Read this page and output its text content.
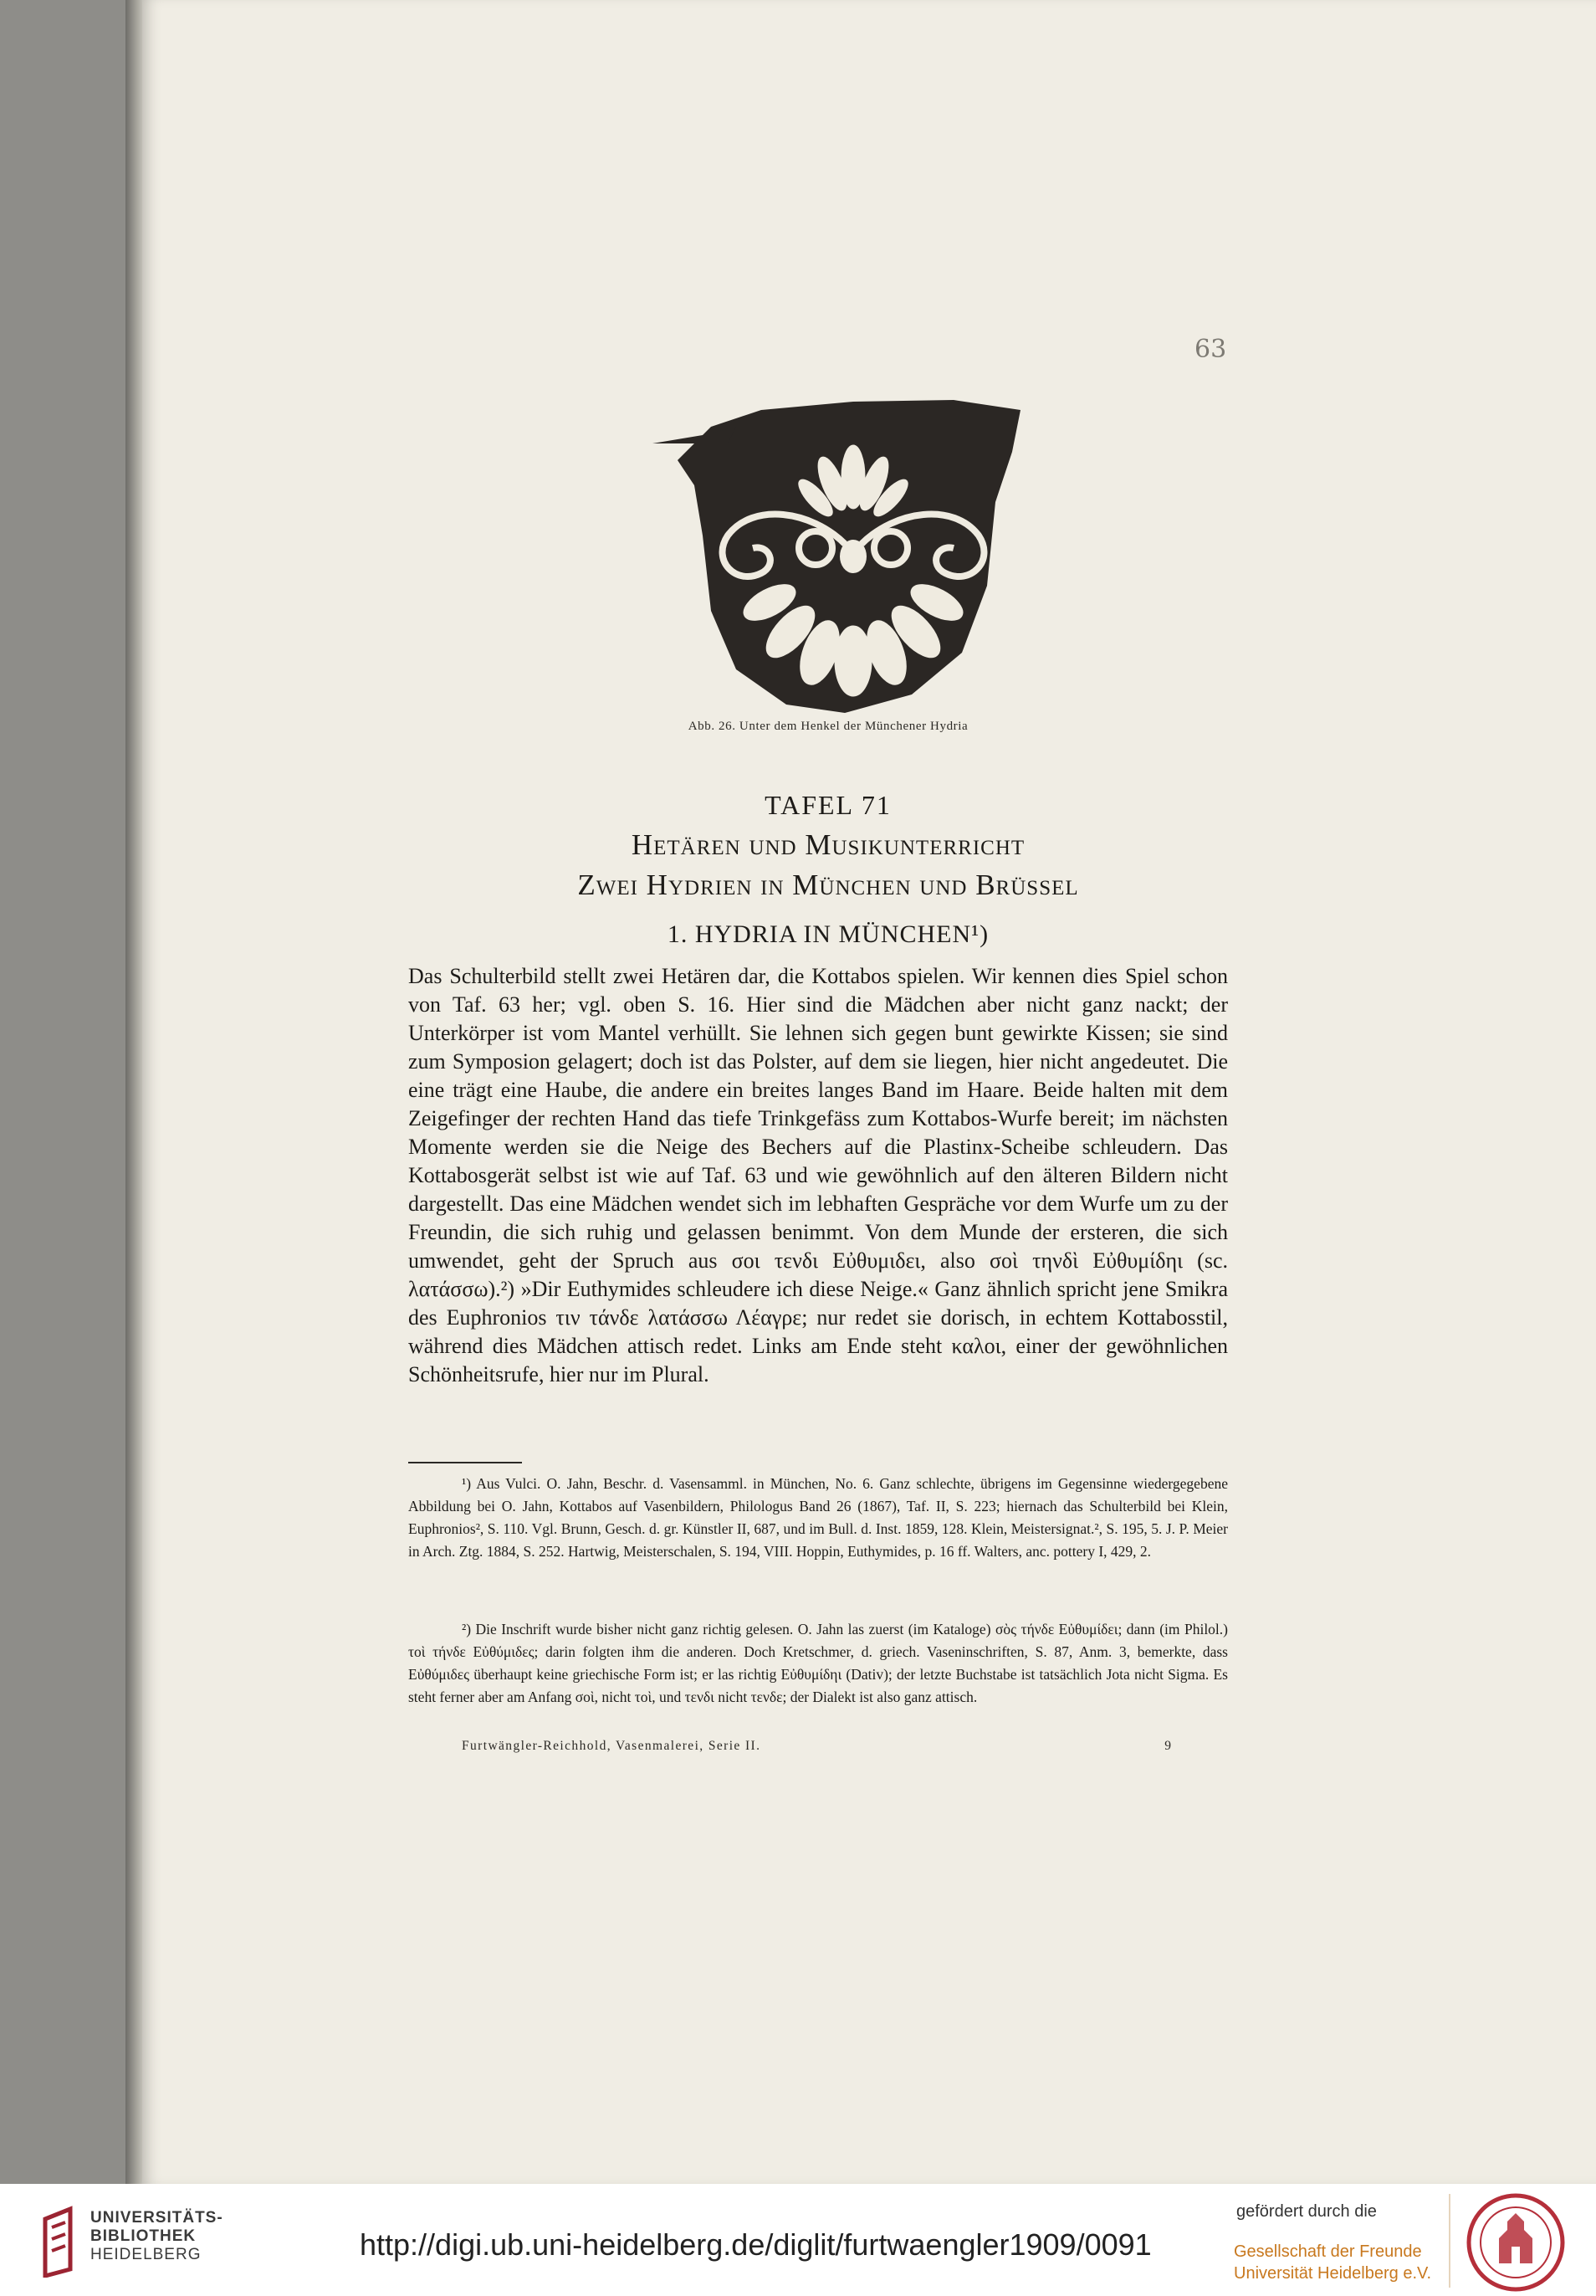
63
Abb. 26. Unter dem Henkel der Münchener Hydria
TAFEL 71
Hetären und Musikunterricht
Zwei Hydrien in München und Brüssel
1. HYDRIA IN MÜNCHEN¹)

Das Schulterbild stellt zwei Hetären dar, die Kottabos spielen. Wir kennen dies Spiel schon von Taf. 63 her; vgl. oben S. 16. Hier sind die Mädchen aber nicht ganz nackt; der Unterkörper ist vom Mantel verhüllt. Sie lehnen sich gegen bunt gewirkte Kissen; sie sind zum Symposion gelagert; doch ist das Polster, auf dem sie liegen, hier nicht angedeutet. Die eine trägt eine Haube, die andere ein breites langes Band im Haare. Beide halten mit dem Zeigefinger der rechten Hand das tiefe Trinkgefäss zum Kottabos-Wurfe bereit; im nächsten Momente werden sie die Neige des Bechers auf die Plastinx-Scheibe schleudern. Das Kottabosgerät selbst ist wie auf Taf. 63 und wie gewöhnlich auf den älteren Bildern nicht dargestellt. Das eine Mädchen wendet sich im lebhaften Gespräche vor dem Wurfe um zu der Freundin, die sich ruhig und gelassen benimmt. Von dem Munde der ersteren, die sich umwendet, geht der Spruch aus σοι τενδι Εὐθυμιδει, also σοὶ τηνδὶ Εὐθυμίδηι (sc. λατάσσω).²) »Dir Euthymides schleudere ich diese Neige.« Ganz ähnlich spricht jene Smikra des Euphronios τιν τάνδε λατάσσω Λέαγρε; nur redet sie dorisch, in echtem Kottabosstil, während dies Mädchen attisch redet. Links am Ende steht καλοι, einer der gewöhnlichen Schönheitsrufe, hier nur im Plural.

¹) Aus Vulci. O. Jahn, Beschr. d. Vasensamml. in München, No. 6. Ganz schlechte, übrigens im Gegensinne wiedergegebene Abbildung bei O. Jahn, Kottabos auf Vasenbildern, Philologus Band 26 (1867), Taf. II, S. 223; hiernach das Schulterbild bei Klein, Euphronios², S. 110. Vgl. Brunn, Gesch. d. gr. Künstler II, 687, und im Bull. d. Inst. 1859, 128. Klein, Meistersignat.², S. 195, 5. J. P. Meier in Arch. Ztg. 1884, S. 252. Hartwig, Meisterschalen, S. 194, VIII. Hoppin, Euthymides, p. 16 ff. Walters, anc. pottery I, 429, 2.

²) Die Inschrift wurde bisher nicht ganz richtig gelesen. O. Jahn las zuerst (im Kataloge) σὸς τήνδε Εὐθυμίδει; dann (im Philol.) τοὶ τήνδε Εὐθύμιδες; darin folgten ihm die anderen. Doch Kretschmer, d. griech. Vaseninschriften, S. 87, Anm. 3, bemerkte, dass Εὐθύμιδες überhaupt keine griechische Form ist; er las richtig Εὐθυμίδηι (Dativ); der letzte Buchstabe ist tatsächlich Jota nicht Sigma. Es steht ferner aber am Anfang σοὶ, nicht τοὶ, und τενδι nicht τενδε; der Dialekt ist also ganz attisch.

Furtwängler-Reichhold, Vasenmalerei, Serie II.	9
UNIVERSITÄTS-
BIBLIOTHEK
HEIDELBERG	http://digi.ub.uni-heidelberg.de/diglit/furtwaengler1909/0091
gefördert durch die
Gesellschaft der Freunde
Universität Heidelberg e.V.
